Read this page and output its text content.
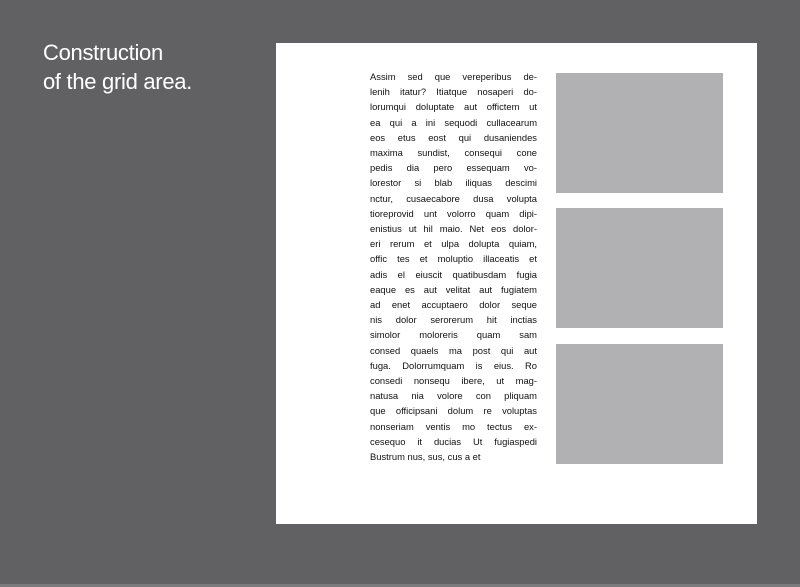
Construction
of the grid area.	Assim sed que vereperibus de-
lenih itatur? Itiatque nosaperi do-
lorumqui doluptate aut offictem ut
ea qui a ini sequodi cullacearum
eos etus eost qui dusaniendes
maxima sundist, consequi cone
pedis dia pero essequam vo-
lorestor si blab iliquas descimi
nctur, cusaecabore dusa volupta
tioreprovid unt volorro quam dipi-
enistius ut hil maio. Net eos dolor-
eri rerum et ulpa dolupta quiam,
offic tes et moluptio illaceatis et
adis el eiuscit quatibusdam fugia
eaque es aut velitat aut fugiatem
ad enet accuptaero dolor seque
nis dolor serorerum hit inctias
simolor moloreris quam sam
consed quaels ma post qui aut
fuga. Dolorrumquam is eius. Ro
consedi nonsequ ibere, ut mag-
natusa nia volore con pliquam
que officipsani dolum re voluptas
nonseriam ventis mo tectus ex-
cesequo it ducias Ut fugiaspedi
Bustrum nus, sus, cus a et
